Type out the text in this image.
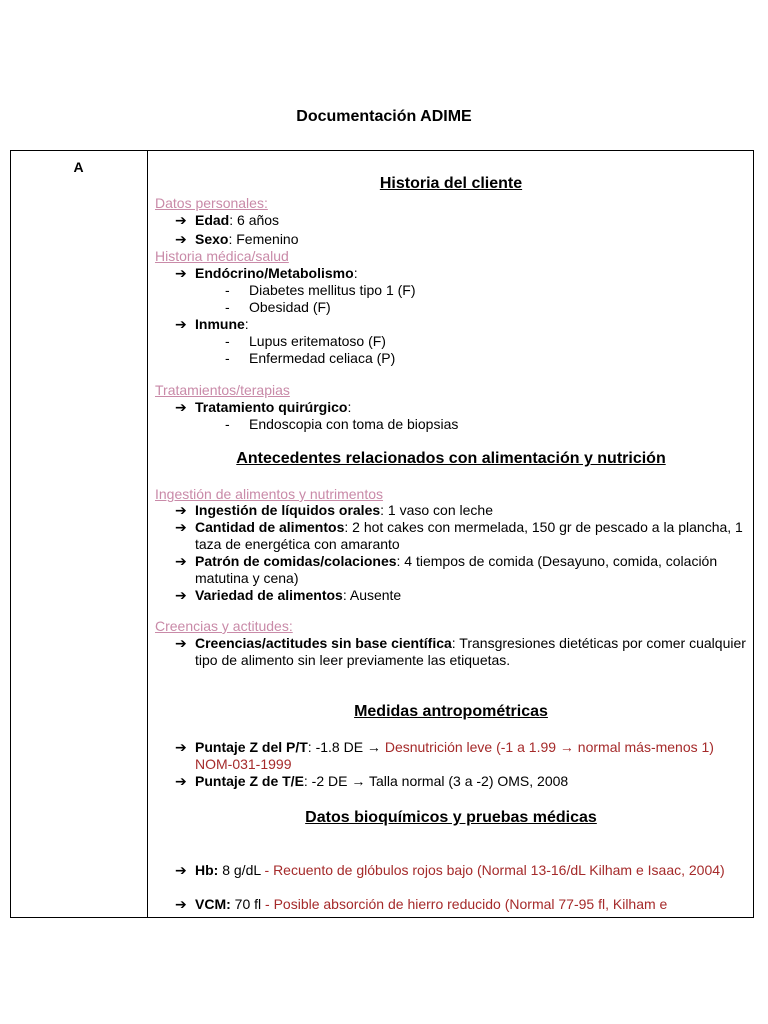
Documentación ADIME
A
Historia del cliente
Datos personales:
➔ Edad: 6 años
➔ Sexo: Femenino
Historia médica/salud
➔ Endócrino/Metabolismo:
- Diabetes mellitus tipo 1 (F)
- Obesidad (F)
➔ Inmune:
- Lupus eritematoso (F)
- Enfermedad celiaca (P)
Tratamientos/terapias
➔ Tratamiento quirúrgico:
- Endoscopia con toma de biopsias
Antecedentes relacionados con alimentación y nutrición
Ingestión de alimentos y nutrimentos
➔ Ingestión de líquidos orales: 1 vaso con leche
➔ Cantidad de alimentos: 2 hot cakes con mermelada, 150 gr de pescado a la plancha, 1 taza de energética con amaranto
➔ Patrón de comidas/colaciones: 4 tiempos de comida (Desayuno, comida, colación matutina y cena)
➔ Variedad de alimentos: Ausente
Creencias y actitudes:
➔ Creencias/actitudes sin base científica: Transgresiones dietéticas por comer cualquier tipo de alimento sin leer previamente las etiquetas.
Medidas antropométricas
➔ Puntaje Z del P/T: -1.8 DE → Desnutrición leve (-1 a 1.99 → normal más-menos 1) NOM-031-1999
➔ Puntaje Z de T/E: -2 DE → Talla normal (3 a -2) OMS, 2008
Datos bioquímicos y pruebas médicas
➔ Hb: 8 g/dL - Recuento de glóbulos rojos bajo (Normal 13-16/dL Kilham e Isaac, 2004)
➔ VCM: 70 fl - Posible absorción de hierro reducido (Normal 77-95 fl, Kilham e
